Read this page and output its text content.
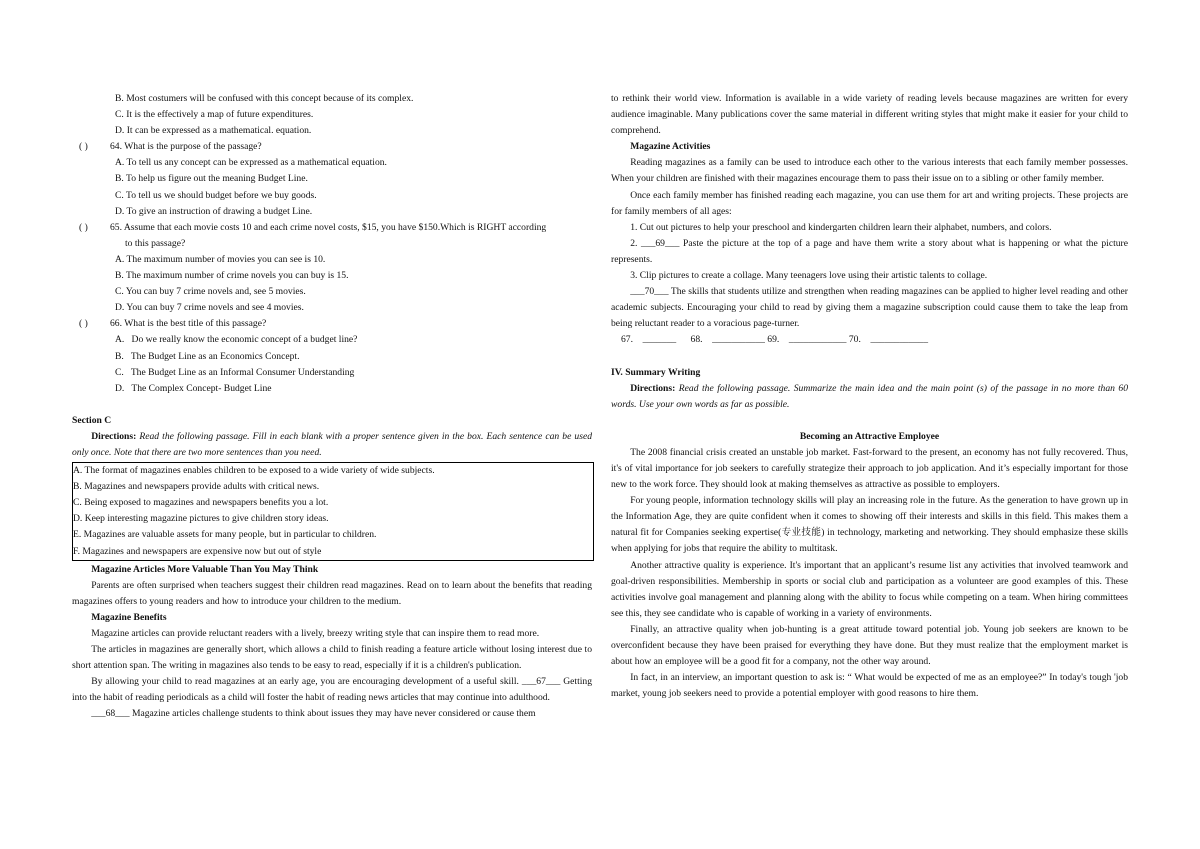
B. Most costumers will be confused with this concept because of its complex.

C. It is the effectively a map of future expenditures.

D. It can be expressed as a mathematical. equation.

( ) 64. What is the purpose of the passage?

A. To tell us any concept can be expressed as a mathematical equation.

B. To help us figure out the meaning Budget Line.

C. To tell us we should budget before we buy goods.

D. To give an instruction of drawing a budget Line.

( ) 65. Assume that each movie costs 10 and each crime novel costs, $15, you have $150.Which is RIGHT according

to this passage?

A. The maximum number of movies you can see is 10.

B. The maximum number of crime novels you can buy is 15.

C. You can buy 7 crime novels and, see 5 movies.

D. You can buy 7 crime novels and see 4 movies.

( ) 66. What is the best title of this passage?

A.   Do we really know the economic concept of a budget line?

B.   The Budget Line as an Economics Concept.

C.   The Budget Line as an Informal Consumer Understanding

D.   The Complex Concept- Budget Line

Section C

Directions: Read the following passage. Fill in each blank with a proper sentence given in the box. Each sentence can be used only once. Note that there are two more sentences than you need.

A. The format of magazines enables children to be exposed to a wide variety of wide subjects.

B. Magazines and newspapers provide adults with critical news.

C. Being exposed to magazines and newspapers benefits you a lot.

D. Keep interesting magazine pictures to give children story ideas.

E. Magazines are valuable assets for many people, but in particular to children.

F. Magazines and newspapers are expensive now but out of style

Magazine Articles More Valuable Than You May Think

Parents are often surprised when teachers suggest their children read magazines. Read on to learn about the benefits that reading magazines offers to young readers and how to introduce your children to the medium.

Magazine Benefits

Magazine articles can provide reluctant readers with a lively, breezy writing style that can inspire them to read more.

The articles in magazines are generally short, which allows a child to finish reading a feature article without losing interest due to short attention span. The writing in magazines also tends to be easy to read, especially if it is a children's publication.

By allowing your child to read magazines at an early age, you are encouraging development of a useful skill. ___67___ Getting into the habit of reading periodicals as a child will foster the habit of reading news articles that may continue into adulthood.

___68___ Magazine articles challenge students to think about issues they may have never considered or cause them

to rethink their world view. Information is available in a wide variety of reading levels because magazines are written for every audience imaginable. Many publications cover the same material in different writing styles that might make it easier for your child to comprehend.

Magazine Activities

Reading magazines as a family can be used to introduce each other to the various interests that each family member possesses. When your children are finished with their magazines encourage them to pass their issue on to a sibling or other family member.

Once each family member has finished reading each magazine, you can use them for art and writing projects. These projects are for family members of all ages:

1. Cut out pictures to help your preschool and kindergarten children learn their alphabet, numbers, and colors.

2. ___69___ Paste the picture at the top of a page and have them write a story about what is happening or what the picture represents.

3. Clip pictures to create a collage. Many teenagers love using their artistic talents to collage.

___70___ The skills that students utilize and strengthen when reading magazines can be applied to higher level reading and other academic subjects. Encouraging your child to read by giving them a magazine subscription could cause them to take the leap from being reluctant reader to a voracious page-turner.

67.    _______      68.    ___________ 69.    ____________ 70.    ____________

IV. Summary Writing

Directions: Read the following passage. Summarize the main idea and the main point (s) of the passage in no more than 60 words. Use your own words as far as possible.

Becoming an Attractive Employee

The 2008 financial crisis created an unstable job market. Fast-forward to the present, an economy has not fully recovered. Thus, it's of vital importance for job seekers to carefully strategize their approach to job application. And it’s especially important for those new to the work force. They should look at making themselves as attractive as possible to employers.

For young people, information technology skills will play an increasing role in the future. As the generation to have grown up in the Information Age, they are quite confident when it comes to showing off their interests and skills in this field. This makes them a natural fit for Companies seeking expertise(专业技能) in technology, marketing and networking. They should emphasize these skills when applying for jobs that require the ability to multitask.

Another attractive quality is experience. It's important that an applicant’s resume list any activities that involved teamwork and goal-driven responsibilities. Membership in sports or social club and participation as a volunteer are good examples of this. These activities involve goal management and planning along with the ability to focus while competing on a team. When hiring committees see this, they see candidate who is capable of working in a variety of environments.

Finally, an attractive quality when job-hunting is a great attitude toward potential job. Young job seekers are known to be overconfident because they have been praised for everything they have done. But they must realize that the employment market is about how an employee will be a good fit for a company, not the other way around.

In fact, in an interview, an important question to ask is: “ What would be expected of me as an employee?” In today's tough 'job market, young job seekers need to provide a potential employer with good reasons to hire them.
